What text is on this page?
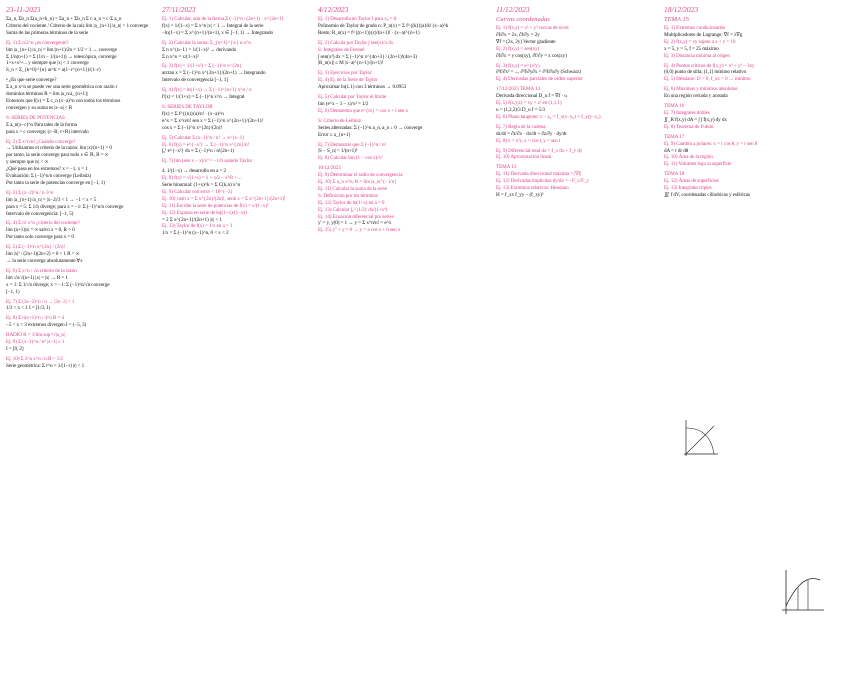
23-11-2023
Σa_n, Σb_n Σ(a_n+b_n) = Σa_n + Σb_n Σ c·a_n = c·Σ a_n
Criterio del cociente / Criterio de la raíz lim |a_{n+1}/a_n| < 1 converge
Suma de las primeras términos de la serie
Ej. 1) Σ n/2^n ¿es convergente?
lim |a_{n+1}/a_n| = lim (n+1)/2n = 1/2 < 1 → converge
Σ 1/n(n+1) = Σ (1/n − 1/(n+1)) → telescópica, converge
1+x+x²+... y siempre que |x| < 1 converge
S_n = Σ_{k=0}^{n} ar^k = a(1−r^{n+1})/(1−r)
• ¿Es que serie converge?
Σ a_n x^n se puede ver una serie geométrica con razón r
dominios términos R = lim |a_n/a_{n+1}|
Entonces que f(x) = Σ c_n (x−a)^n con todos los términos
convergen y su suma es |x−a| < R
S: SERIES DE POTENCIAS
Σ a_n(x−c)^n Para tales de la forma
para x = c converge; (c−R, c+R) intervalo
Ej. 2) Σ x^n/n! ¿Cuándo converge?
→ Utilizamos el criterio de la razón: lim |x|/(n+1) = 0
por tanto, la serie converge para todo x ∈ ℝ, R = ∞
y siempre que |x| < ∞
¿Qué pasa en los extremos? x = −1, x = 1
Evaluación: Σ (−1)^n/n converge (Leibniz)
Por tanto la serie de potencias converge en [−1, 1)
Ej. 3) Σ (x−2)^n / n·3^n
lim |a_{n+1}/a_n| = |x−2|/3 < 1 → −1 < x < 5
para x = 5: Σ 1/n diverge; para x = −1: Σ (−1)^n/n converge
Intervalo de convergencia: [−1, 5)
Ej. 4) Σ n! x^n ¿criterio del cociente?
lim (n+1)|x| = ∞ salvo x = 0, R = 0
Por tanto solo converge para x = 0
Ej. 5) Σ (−1)^n x^{2n} / (2n)!
lim |x|² / (2n+1)(2n+2) = 0 < 1 R = ∞
→ la serie converge absolutamente ∀x
Ej. 6) Σ x^n / √n criterio de la razón
lim √n/√(n+1) |x| = |x| → R = 1
x = 1: Σ 1/√n diverge; x = −1: Σ (−1)^n/√n converge
[−1, 1)
Ej. 7) Σ (3x−2)^n / n → |3x−2| < 1
1/3 < x < 1 I = [1/3, 1)
Ej. 8) Σ n(x+1)^n / 4^n R = 4
−5 < x < 3 extremos divergen I = (−5, 3)
RADIO R = 1/lim sup ⁿ√|a_n|
Ej. 9) Σ (x−1)^n / n² |x−1| ≤ 1
I = [0, 2]
Ej. 10) Σ 2^n x^n / n R = 1/2
Serie geométrica: Σ r^n = 1/(1−r) |r| < 1
27/11/2023
Ej. 1) Calcular, aún de la forma Σ (−1)^n / (2n+1) · x^{2n+1}
f(x) = 1/(1−x) = Σ x^n |x| < 1 → Integral de la serie
−ln(1−x) = Σ x^{n+1}/(n+1), x ∈ [−1, 1) → Integrando
Ej. 2) Calcular la suma: Σ_{n=1}^{∞} n x^n
Σ n x^{n−1} = 1/(1−x)² → derivando
Σ n x^n = x/(1−x)²
Ej. 3) f(x) = 1/(1+x²) = Σ (−1)^n x^{2n}
arctan x = Σ (−1)^n x^{2n+1}/(2n+1) → Integrando
Intervalo de convergencia [−1, 1]
Ej. 4) f(x) = ln(1+x) → Σ (−1)^{n+1} x^n / n
f'(x) = 1/(1+x) = Σ (−1)^n x^n → Integral
S: SERIES DE TAYLOR
f(x) = Σ f^{(n)}(a)/n! · (x−a)^n
e^x = Σ x^n/n! sen x = Σ (−1)^n x^{2n+1}/(2n+1)!
cos x = Σ (−1)^n x^{2n}/(2n)!
Ej. 5) Calcular Σ (x−1)^n / n! → e^{x−1}
Ej. 6) f(x) = e^{−x²} → Σ (−1)^n x^{2n}/n!
∫₀¹ e^{−x²} dx ≈ Σ (−1)^n / n!(2n+1)
Ej. 7) lim (sen x − x)/x³ = −1/6 usando Taylor
4. 1/(1−x) → desarrollo en a = 2
Ej. 8) f(x) = √(1+x) = 1 + x/2 − x²/8 + ...
Serie binomial: (1+x)^k = Σ C(k,n) x^n
Ej. 9) Calcular con error < 10^{−3}
Ej. 10) cosh x = Σ x^{2n}/(2n)!, senh x = Σ x^{2n+1}/(2n+1)!
Ej. 11) Escribe la serie de potencias de f(x) = x/(1−x)²
Ej. 12) Expresa en serie de ln((1+x)/(1−x))
= 2 Σ x^{2n+1}/(2n+1) |x| < 1
Ej. 13) Taylor de f(x) = 1/x en a = 1
1/x = Σ (−1)^n (x−1)^n, 0 < x < 2
4/12/2023
Ej. 1) Desarrolla en Taylor f para x₀ = 0
Polinomio de Taylor de grado n: P_n(x) = Σ f^{(k)}(a)/k! (x−a)^k
Resto: R_n(x) = f^{(n+1)}(c)/(n+1)! · (x−a)^{n+1}
Ej. 2) Calcula por Taylor ∫ sen(x)/x dx
S: Integrales de Fresnel
∫ sen(x²) dx = Σ (−1)^n x^{4n+3} / (2n+1)!(4n+3)
|R_n(x)| ≤ M |x−a|^{n+1}/(n+1)!
Ej. 3) Ejercicios por Taylor
Ej. 4) Ej. de la Serie de Taylor
Aproximar ln(1.1) con 3 términos → 0.0953
Ej. 5) Calcular por Taylor el límite
lim (e^x − 1 − x)/x² = 1/2
Ej. 6) Demuestra que e^{ix} = cos x + i sen x
S: Criterio de Leibniz
Series alternadas: Σ (−1)^n a_n, a_n ↓ 0 → converge
Error ≤ a_{n+1}
Ej. 7) Demostrar que Σ (−1)^n / n²
|S − S_n| < 1/(n+1)²
Ej. 8) Calcular lim (1 − cos x)/x²
10/12/2023
Ej. 9) Determinar el radio de convergencia
Ej. 10) Σ a_n x^n, R = lim |a_n|^{−1/n}
Ej. 11) Calcular la suma de la serie
S: Definición por los términos
Ej. 12) Taylor de ln(1+x) en a = 0
Ej. 13) Calcular ∫₀^{1/2} dx/(1+x⁴)
Ej. 14) Ecuación diferencial por series
y' = y, y(0) = 1 → y = Σ x^n/n! = e^x
Ej. 15) y'' + y = 0 → y = a cos x + b sen x
11/12/2023
Curvas coordenadas
Ej. 1) f(x,y) = x² + y² curvas de nivel
∂f/∂x = 2x, ∂f/∂y = 2y
∇f = (2x, 2y) Vector gradiente
Ej. 2) f(x,y) = sen(xy)
∂f/∂x = y cos(xy), ∂f/∂y = x cos(xy)
Ej. 3) f(x,y) = e^{x²y}
∂²f/∂x² = ..., ∂²f/∂y∂x = ∂²f/∂x∂y (Schwarz)
Ej. 4) Derivadas parciales de orden superior
17/12/2023 TEMA 14
Derivada direccional D_u f = ∇f · u
Ej. 5) f(x,y,z) = xy + z² en (1,1,1)
u = (1,2,2)/3 D_u f = 5/3
Ej. 6) Plano tangente: z − z₀ = f_x(x−x₀) + f_y(y−y₀)
Ej. 7) Regla de la cadena
dz/dt = ∂z/∂x · dx/dt + ∂z/∂y · dy/dt
Ej. 8) z = x²y, x = cos t, y = sen t
Ej. 9) Diferencial total dz = f_x dx + f_y dy
Ej. 10) Aproximación lineal
TEMA 13
Ej. 11) Derivada direccional máxima = |∇f|
Ej. 12) Derivadas implícitas dy/dx = −F_x/F_y
Ej. 13) Extremos relativos: Hessiano
H = f_xx f_yy − (f_xy)²
18/12/2023
TEMA 15
Ej. 1) Extremos condicionados
Multiplicadores de Lagrange: ∇f = λ∇g
Ej. 2) f(x,y) = xy sujeto a x + y = 10
x = 5, y = 5, f = 25 máximo
Ej. 3) Distancia mínima al origen
Ej. 4) Puntos críticos de f(x,y) = x³ + y³ − 3xy
(0,0) punto de silla; (1,1) mínimo relativo
Ej. 5) Hessiano: D > 0, f_xx > 0 → mínimo
Ej. 6) Máximos y mínimos absolutos
En una región cerrada y acotada
TEMA 16
Ej. 7) Integrales dobles
∬_R f(x,y) dA = ∫ ∫ f(x,y) dy dx
Ej. 8) Teorema de Fubini
TEMA 17
Ej. 9) Cambio a polares: x = r cos θ, y = r sen θ
dA = r dr dθ
Ej. 10) Área de la región
Ej. 11) Volumen bajo la superficie
TEMA 18
Ej. 12) Áreas de superficies
Ej. 13) Integrales triples
∭ f dV, coordenadas cilíndricas y esféricas
